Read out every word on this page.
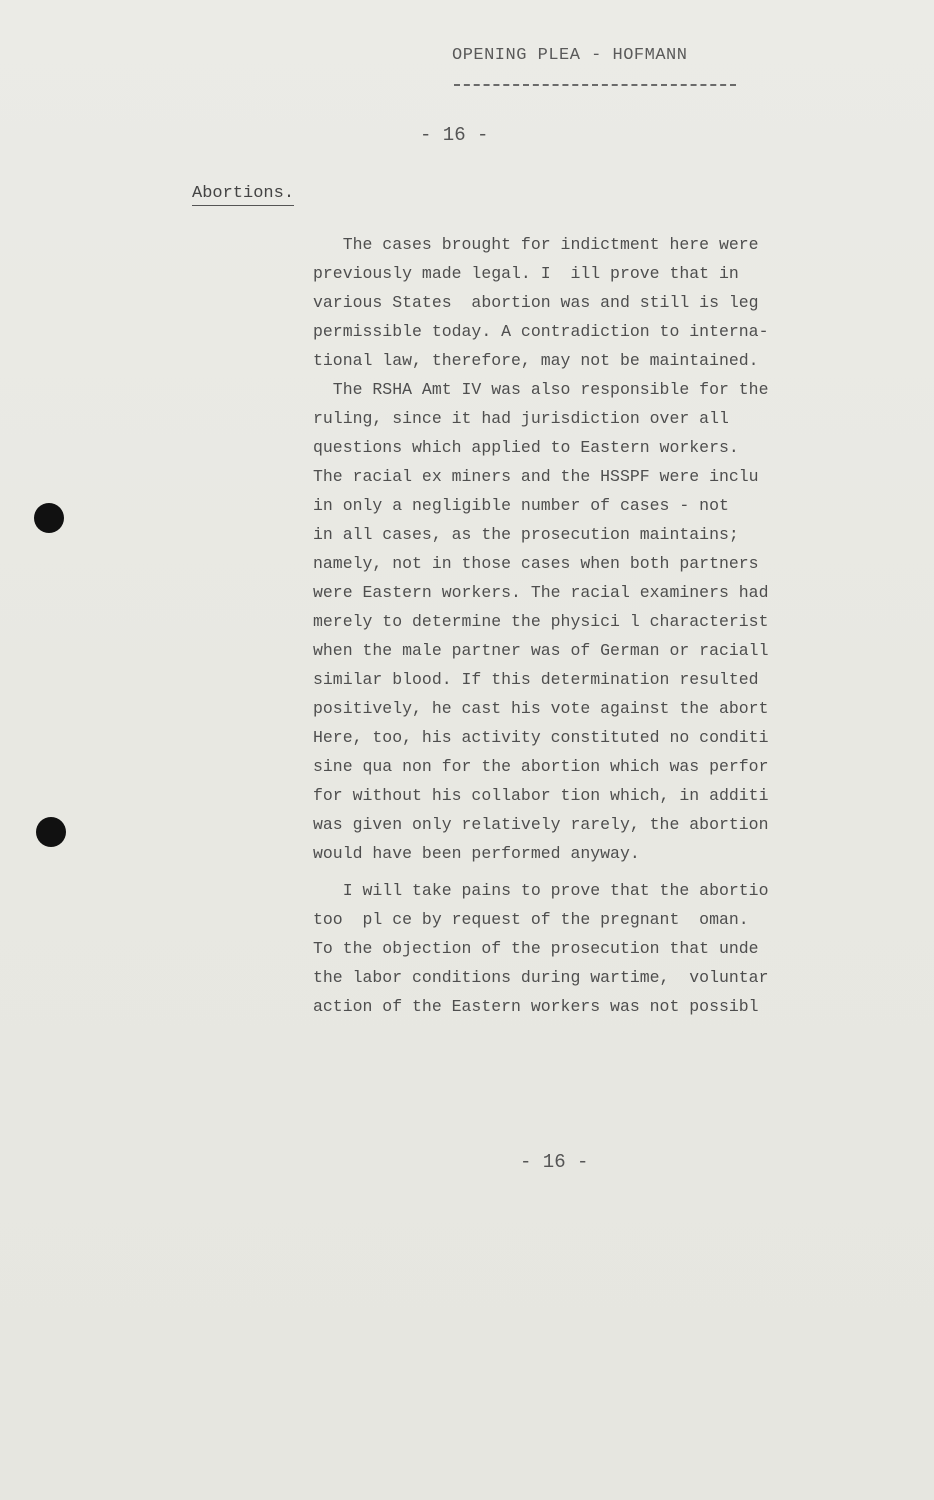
OPENING PLEA - HOFMANN
- 16 -
Abortions.
The cases brought for indictment here were
previously made legal. I  ill prove that in
various States  abortion was and still is leg
permissible today. A contradiction to interna-
tional law, therefore, may not be maintained.
The RSHA Amt IV was also responsible for the
ruling, since it had jurisdiction over all
questions which applied to Eastern workers.
The racial ex miners and the HSSPF were inclu
in only a negligible number of cases - not
in all cases, as the prosecution maintains;
namely, not in those cases when both partners
were Eastern workers. The racial examiners had
merely to determine the physici l characterist
when the male partner was of German or raciall
similar blood. If this determination resulted
positively, he cast his vote against the abort
Here, too, his activity constituted no conditi
sine qua non for the abortion which was perfor
for without his collabor tion which, in additi
was given only relatively rarely, the abortion
would have been performed anyway.
I will take pains to prove that the abortio
too  pl ce by request of the pregnant  oman.
To the objection of the prosecution that unde
the labor conditions during wartime,  voluntar
action of the Eastern workers was not possibl
- 16 -
